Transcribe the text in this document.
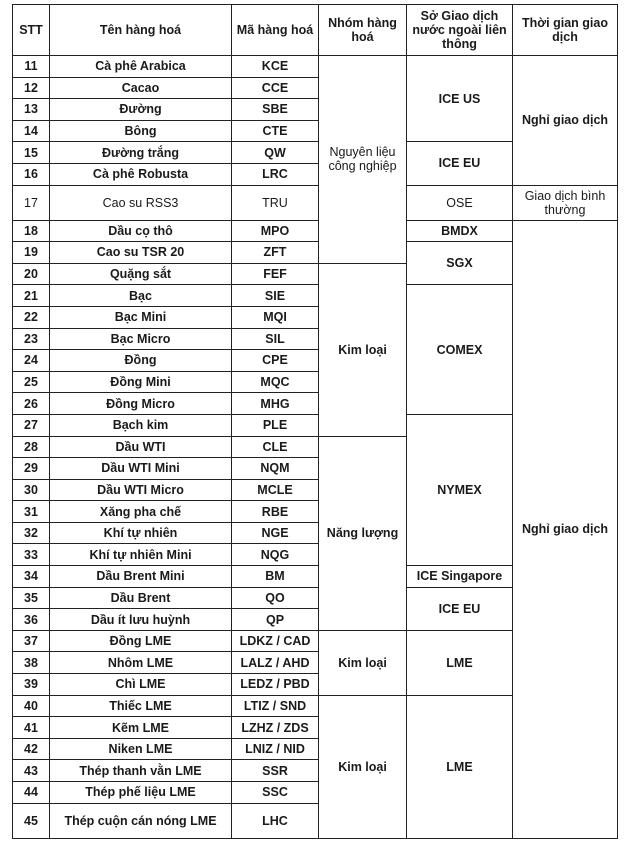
STT	Tên hàng hoá	Mã hàng hoá	Nhóm hàng hoá	Sở Giao dịch nước ngoài liên thông	Thời gian giao dịch
11	Cà phê Arabica	KCE	Nguyên liệu công nghiệp	ICE US	Nghỉ giao dịch
12	Cacao	CCE			
13	Đường	SBE			
14	Bông	CTE			
15	Đường trắng	QW		ICE EU	
16	Cà phê Robusta	LRC			
17	Cao su RSS3	TRU		OSE	Giao dịch bình thường
18	Dầu cọ thô	MPO		BMDX	Nghỉ giao dịch
19	Cao su TSR 20	ZFT		SGX	
20	Quặng sắt	FEF	Kim loại		
21	Bạc	SIE		COMEX	
22	Bạc Mini	MQI			
23	Bạc Micro	SIL			
24	Đồng	CPE			
25	Đồng Mini	MQC			
26	Đồng Micro	MHG			
27	Bạch kim	PLE		NYMEX	
28	Dầu WTI	CLE	Năng lượng		
29	Dầu WTI Mini	NQM			
30	Dầu WTI Micro	MCLE			
31	Xăng pha chế	RBE			
32	Khí tự nhiên	NGE			
33	Khí tự nhiên Mini	NQG			
34	Dầu Brent Mini	BM		ICE Singapore	
35	Dầu Brent	QO		ICE EU	
36	Dầu ít lưu huỳnh	QP			
37	Đồng LME	LDKZ / CAD	Kim loại	LME	
38	Nhôm LME	LALZ / AHD			
39	Chì LME	LEDZ / PBD			
40	Thiếc LME	LTIZ / SND	Kim loại	LME	
41	Kẽm LME	LZHZ / ZDS			
42	Niken LME	LNIZ / NID			
43	Thép thanh vằn LME	SSR			
44	Thép phế liệu LME	SSC			
45	Thép cuộn cán nóng LME	LHC			
